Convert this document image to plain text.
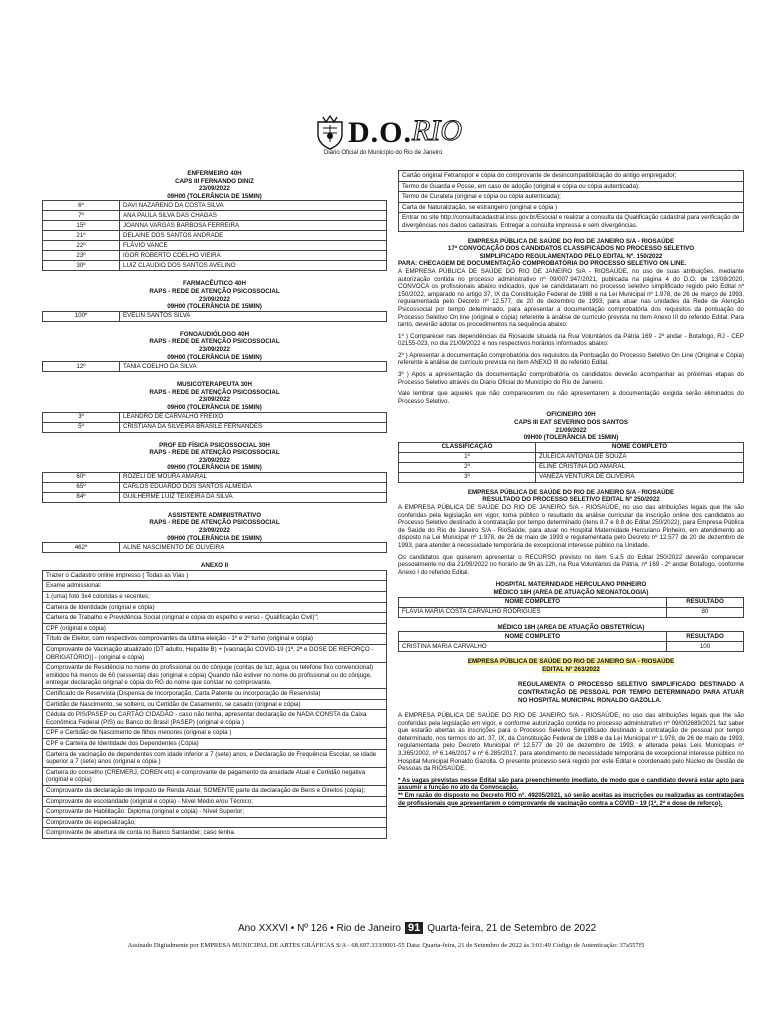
D.O. RIO
Diário Oficial do Município do Rio de Janeiro
ENFERMEIRO 40H
CAPS III FERNANDO DINIZ
23/09/2022
09H00 (TOLERÂNCIA DE 15MIN)
6º	DAVI NAZARENO DA COSTA SILVA
7º	ANA PAULA SILVA DAS CHAGAS
15º	JOANNA VARGAS BARBOSA FERREIRA
21º	DELAINE DOS SANTOS ANDRADE
22º	FLÁVIO VANCE
23º	IGOR ROBERTO COELHO VIEIRA
30º	LUIZ CLAUDIO DOS SANTOS AVELINO
FARMACÊUTICO 40H
RAPS - REDE DE ATENÇÃO PSICOSSOCIAL
23/09/2022
09H00 (TOLERÂNCIA DE 15MIN)
100º	EVELIN SANTOS SILVA
FONOAUDIÓLOGO 40H
RAPS - REDE DE ATENÇÃO PSICOSSOCIAL
23/09/2022
09H00 (TOLERÂNCIA DE 15MIN)
12º	TANIA COELHO DA SILVA
MUSICOTERAPEUTA 30H
RAPS - REDE DE ATENÇÃO PSICOSSOCIAL
23/09/2022
09H00 (TOLERÂNCIA DE 15MIN)
3º	LEANDRO DE CARVALHO FREIXO
5º	CRISTIANA DA SILVEIRA BRASILE FERNANDES
PROF ED FÍSICA PSICOSSOCIAL 30H
RAPS - REDE DE ATENÇÃO PSICOSSOCIAL
23/09/2022
09H00 (TOLERÂNCIA DE 15MIN)
60º	ROZELI DE MOURA AMARAL
65º	CARLOS EDUARDO DOS SANTOS ALMEIDA
84º	GUILHERME LUIZ TEIXEIRA DA SILVA
ASSISTENTE ADMINISTRATIVO
RAPS - REDE DE ATENÇÃO PSICOSSOCIAL
23/09/2022
09H00 (TOLERÂNCIA DE 15MIN)
462º	ALINE NASCIMENTO DE OLIVEIRA
ANEXO II
Trazer o Cadastro online impresso ( Todas as Vias )
Exame admissional:
1 (uma) foto 3x4 coloridas e recentes;
Carteira de Identidade (original e cópia)
Carteira de Trabalho e Previdência Social (original e cópia do espelho e verso - Qualificação Civil)";
CPF (original e cópia)
Título de Eleitor, com respectivos comprovantes da última eleição - 1º e 2º turno (original e cópia)
Comprovante de Vacinação atualizado (DT adulto, Hepatite B) + [vacinação COVID-19 (1ª, 2ª e DOSE DE REFORÇO - OBRIGATÓRIO)] - (original e cópia)
Comprovante de Residência no nome do profissional ou do cônjuge (contas de luz, água ou telefone fixo convencional) emitidos há menos de 60 (sessenta) dias (original e cópia) Quando não estiver no nome do profissional ou do cônjuge, entregar declaração original e cópia do RG do nome que constar no comprovante.
Certificado de Reservista (Dispensa de Incorporação, Carta Patente ou incorporação de Reservista)
Certidão de Nascimento, se solteiro, ou Certidão de Casamento, se casado (original e cópia)
Cédula do PIS/PASEP ou CARTÃO CIDADÃO - caso não tenha, apresentar declaração de NADA CONSTA da Caixa Econômica Federal (PIS) ou Banco do Brasil (PASEP) (original e cópia )
CPF e Certidão de Nascimento de filhos menores (original e cópia )
CPF e Carteira de Identidade dos Dependentes (Cópia)
Carteira de vacinação de dependentes com idade inferior a 7 (sete) anos, e Declaração de Frequência Escolar, se idade superior a 7 (sete) anos (original e cópia )
Carteira do conselho (CREMERJ, COREN etc) e comprovante de pagamento da anuidade Atual e Certidão negativa (original e cópia)
Comprovante da declaração de Imposto de Renda Atual, SOMENTE parte da declaração de Bens e Direitos (cópia);
Comprovante de escolaridade (original e cópia) - Nível Médio e/ou Técnico;
Comprovante de Habilitação: Diploma (original e cópia) - Nível Superior;
Comprovante de especialização;
Comprovante de abertura de conta no Banco Santander; caso tenha.
Cartão original Fetranspor e cópia do comprovante de desincompatibilização do antigo empregador;
Termo de Guarda e Posse, em caso de adoção (original e cópia ou cópia autenticada);
Termo de Curatela (original e cópia ou cópia autenticada);
Carta de Naturalização, se estrangeiro (original e cópia )
Entrar no site http://consultacadastral.inss.gov.br/Esocial e realizar a consulta da Qualificação cadastral para verificação de divergências nos dados cadastrais. Entregar a consulta impressa e sem divergências.
EMPRESA PÚBLICA DE SAÚDE DO RIO DE JANEIRO S/A - RIOSAÚDE
17ª CONVOCAÇÃO DOS CANDIDATOS CLASSIFICADOS NO PROCESSO SELETIVO
SIMPLIFICADO REGULAMENTADO PELO EDITAL Nº. 150/2022
PARA: CHECAGEM DE DOCUMENTAÇÃO COMPROBATÓRIA DO PROCESSO SELETIVO ON LINE.
A EMPRESA PÚBLICA DE SAÚDE DO RIO DE JANEIRO S/A - RIOSAÚDE, no uso de suas atribuições, mediante autorização contida no processo administrativo nº 09/007.947/2021, publicada na página 4 do D.O. de 13/08/2020, CONVOCA os profissionais abaixo indicados, que se candidataram no processo seletivo simplificado regido pelo Edital nº 150/2022, amparado no artigo 37, IX da Constituição Federal de 1988 e na Lei Municipal nº 1.978, de 26 de março de 1993, regulamentada pelo Decreto nº 12.577, de 20 de dezembro de 1993, para atuar nas unidades da Rede de Atenção Psicossocial por tempo determinado, para apresentar a documentação comprobatória dos requisitos da pontuação do Processo Seletivo On line (original e cópia) referente à análise de currículo prevista no item Anexo III do referido Edital. Para tanto, deverão adotar os procedimentos na sequência abaixo:
1º ) Comparecer nas dependências da Riosaúde situada na Rua Voluntários da Pátria 169 - 2º andar - Botafogo, RJ - CEP 02155-023, no dia 21/09/2022 e nos respectivos horários informados abaixo:
2º ) Apresentar a documentação comprobatória dos requisitos da Pontuação do Processo Seletivo On Line (Original e Cópia) referente à análise de currículo prevista no item ANEXO III do referido Edital.
3º ) Após a apresentação da documentação comprobatória os candidatos deverão acompanhar as próximas etapas do Processo Seletivo através do Diário Oficial do Município do Rio de Janeiro.
Vale lembrar que aqueles que não comparecerem ou não apresentarem a documentação exigida serão eliminados do Processo Seletivo.
OFICINEIRO 30H
CAPS III EAT SEVERINO DOS SANTOS
21/09/2022
09H00 (TOLERÂNCIA DE 15MIN)
CLASSIFICAÇÃO	NOME COMPLETO
1º	ZULEICA ANTONIA DE SOUZA
2º	ELINE CRISTINA DO AMARAL
3º	VANEZA VENTURA DE OLIVEIRA
EMPRESA PÚBLICA DE SAÚDE DO RIO DE JANEIRO S/A - RIOSAÚDE
RESULTADO DO PROCESSO SELETIVO EDITAL Nº 250/2022
A EMPRESA PÚBLICA DE SAÚDE DO RIO DE JANEIRO S/A - RIOSAÚDE, no uso das atribuições legais que lhe são conferidas pela legislação em vigor, torna público o resultado da análise curricular da inscrição online dos candidatos ao Processo Seletivo destinado à contratação por tempo determinado (itens 8.7 e 8.8 do Edital 250/2022), para Empresa Pública de Saúde do Rio de Janeiro S/A - RioSaúde, para atuar no Hospital Maternidade Herculano Pinheiro, em atendimento ao disposto na Lei Municipal nº 1.978, de 26 de maio de 1993 e regulamentada pelo Decreto nº 12.577 de 20 de dezembro de 1993, para atender à necessidade temporária de excepcional interesse público na Unidade.
Os candidatos que quiserem apresentar o RECURSO previsto no item 5.a.5 do Edital 250/2022 deverão comparecer pessoalmente no dia 21/09/2022 no horário de 9h às 12h, na Rua Voluntários da Pátria, nº 169 - 2º andar Botafogo, conforme Anexo I do referido Edital.
HOSPITAL MATERNIDADE HERCULANO PINHEIRO
MÉDICO 18H (AREA DE ATUAÇÃO NEONATOLOGIA)
NOME COMPLETO	RESULTADO
FLÁVIA MARIA COSTA CARVALHO RODRIGUES	80
MÉDICO 18H (AREA DE ATUAÇÃO OBSTETRÍCIA)
NOME COMPLETO	RESULTADO
CRISTINA MARIA CARVALHO	100
EMPRESA PÚBLICA DE SAÚDE DO RIO DE JANEIRO S/A - RIOSAÚDE
EDITAL Nº 263/2022
REGULAMENTA O PROCESSO SELETIVO SIMPLIFICADO DESTINADO A CONTRATAÇÃO DE PESSOAL POR TEMPO DETERMINADO PARA ATUAR NO HOSPITAL MUNICIPAL RONALDO GAZOLLA.
A EMPRESA PÚBLICA DE SAÚDE DO RIO DE JANEIRO S/A - RIOSAÚDE, no uso das atribuições legais que lhe são conferidas pela legislação em vigor, e conforme autorização contida no processo administrativo nº 09/002689/2021 faz saber que estarão abertas as inscrições para o Processo Seletivo Simplificado destinado à contratação de pessoal por tempo determinado, nos termos do art. 37, IX, da Constituição Federal de 1988 e da Lei Municipal nº 1.978, de 26 de maio de 1993, regulamentada pelo Decreto Municipal nº 12.577 de 20 de dezembro de 1993, e alterada pelas Leis Municipais nº 3.365/2002, nº 6.146/2017 e nº 6.285/2017, para atendimento de necessidade temporária de excepcional interesse público no Hospital Municipal Ronaldo Gazolla. O presente processo será regido por este Edital e coordenado pelo Núcleo de Gestão de Pessoas da RIOSAÚDE.
* As vagas previstas nesse Edital são para preenchimento imediato, de modo que o candidato deverá estar apto para assumir a função no ato da Convocação.
** Em razão do disposto no Decreto RIO nº. 49205/2021, só serão aceitas as inscrições ou realizadas as contratações de profissionais que apresentarem o comprovante de vacinação contra a COVID - 19 (1ª, 2ª e dose de reforço).
Ano XXXVI • Nº 126 • Rio de Janeiro 91 Quarta-feira, 21 de Setembro de 2022
Assinado Digitalmente por EMPRESA MUNICIPAL DE ARTES GRÁFICAS S/A - 68.697.333/0001-55 Data: Quarta-feira, 21 de Setembro de 2022 às 3:01:49 Código de Autenticação: 37a557f5
